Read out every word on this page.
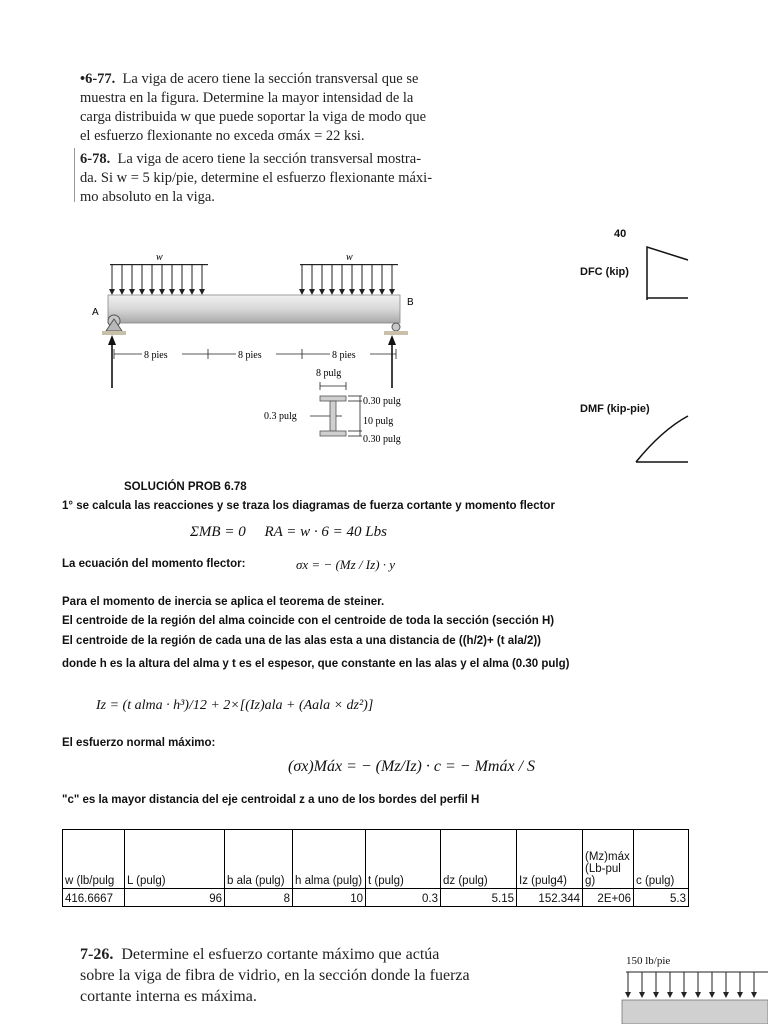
•6-77. La viga de acero tiene la sección transversal que se
muestra en la figura. Determine la mayor intensidad de la
carga distribuida w que puede soportar la viga de modo que
el esfuerzo flexionante no exceda σmáx = 22 ksi.
6-78. La viga de acero tiene la sección transversal mostra-
da. Si w = 5 kip/pie, determine el esfuerzo flexionante máxi-
mo absoluto en la viga.
w	w
A
B
8 pies	8 pies	8 pies
8 pulg
0.30 pulg
10 pulg
0.30 pulg
0.3 pulg
40
DFC (kip)
DMF (kip-pie)
SOLUCIÓN PROB 6.78
1° se calcula las reacciones y se traza los diagramas de fuerza cortante y momento flector
ΣMB = 0     RA = w · 6 = 40 Lbs
La ecuación del momento flector:	σx = − (Mz / Iz) · y
Para el momento de inercia se aplica el teorema de steiner.
El centroide de la región del alma coincide con el centroide de toda la sección (sección H)
El centroide de la región de cada una de las alas esta a una distancia de ((h/2)+ (t ala/2))
donde h es la altura del alma y t es el espesor, que constante en las alas y el alma (0.30 pulg)
Iz = (t alma · h³)/12 + 2×[(Iz)ala + (Aala × dz²)]
El esfuerzo normal máximo:
(σx)Máx = − (Mz/Iz) · c = − Mmáx / S
"c" es la mayor distancia del eje centroidal z a uno de los bordes del perfil H
w (lb/pulg	L (pulg)	b ala (pulg)	h alma (pulg)	t (pulg)	dz (pulg)	Iz (pulg4)	(Mz)máx (Lb-pulg)	c (pulg)
416.6667	96	8	10	0.3	5.15	152.344	2E+06	5.3
7-26. Determine el esfuerzo cortante máximo que actúa
sobre la viga de fibra de vidrio, en la sección donde la fuerza
cortante interna es máxima.
150 lb/pie
